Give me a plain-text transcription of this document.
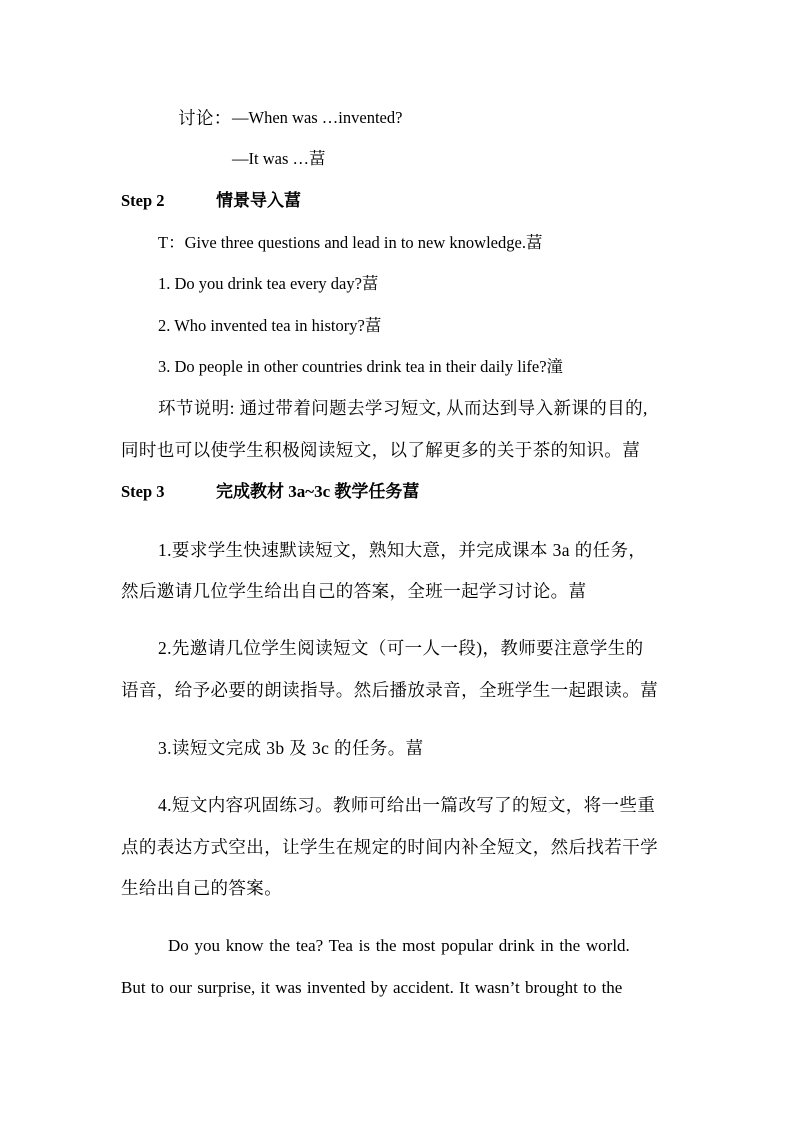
讨论： —When was …invented?
—It was …葍
Step 2	情景导入葍
T：Give three questions and lead in to new knowledge.葍
1. Do you drink tea every day?葍
2. Who invented tea in history?葍
3. Do people in other countries drink tea in their daily life?潼
环节说明: 通过带着问题去学习短文, 从而达到导入新课的目的,
同时也可以使学生积极阅读短文，以了解更多的关于茶的知识。葍
Step 3	完成教材 3a~3c 教学任务葍
1.要求学生快速默读短文，熟知大意，并完成课本 3a 的任务，
然后邀请几位学生给出自己的答案，全班一起学习讨论。葍
2.先邀请几位学生阅读短文（可一人一段)，教师要注意学生的
语音，给予必要的朗读指导。然后播放录音，全班学生一起跟读。葍
3.读短文完成 3b 及 3c 的任务。葍
4.短文内容巩固练习。教师可给出一篇改写了的短文，将一些重
点的表达方式空出，让学生在规定的时间内补全短文，然后找若干学
生给出自己的答案。
Do you know the tea? Tea is the most popular drink in the world.
But to our surprise, it was invented by accident. It wasn’t brought to the
